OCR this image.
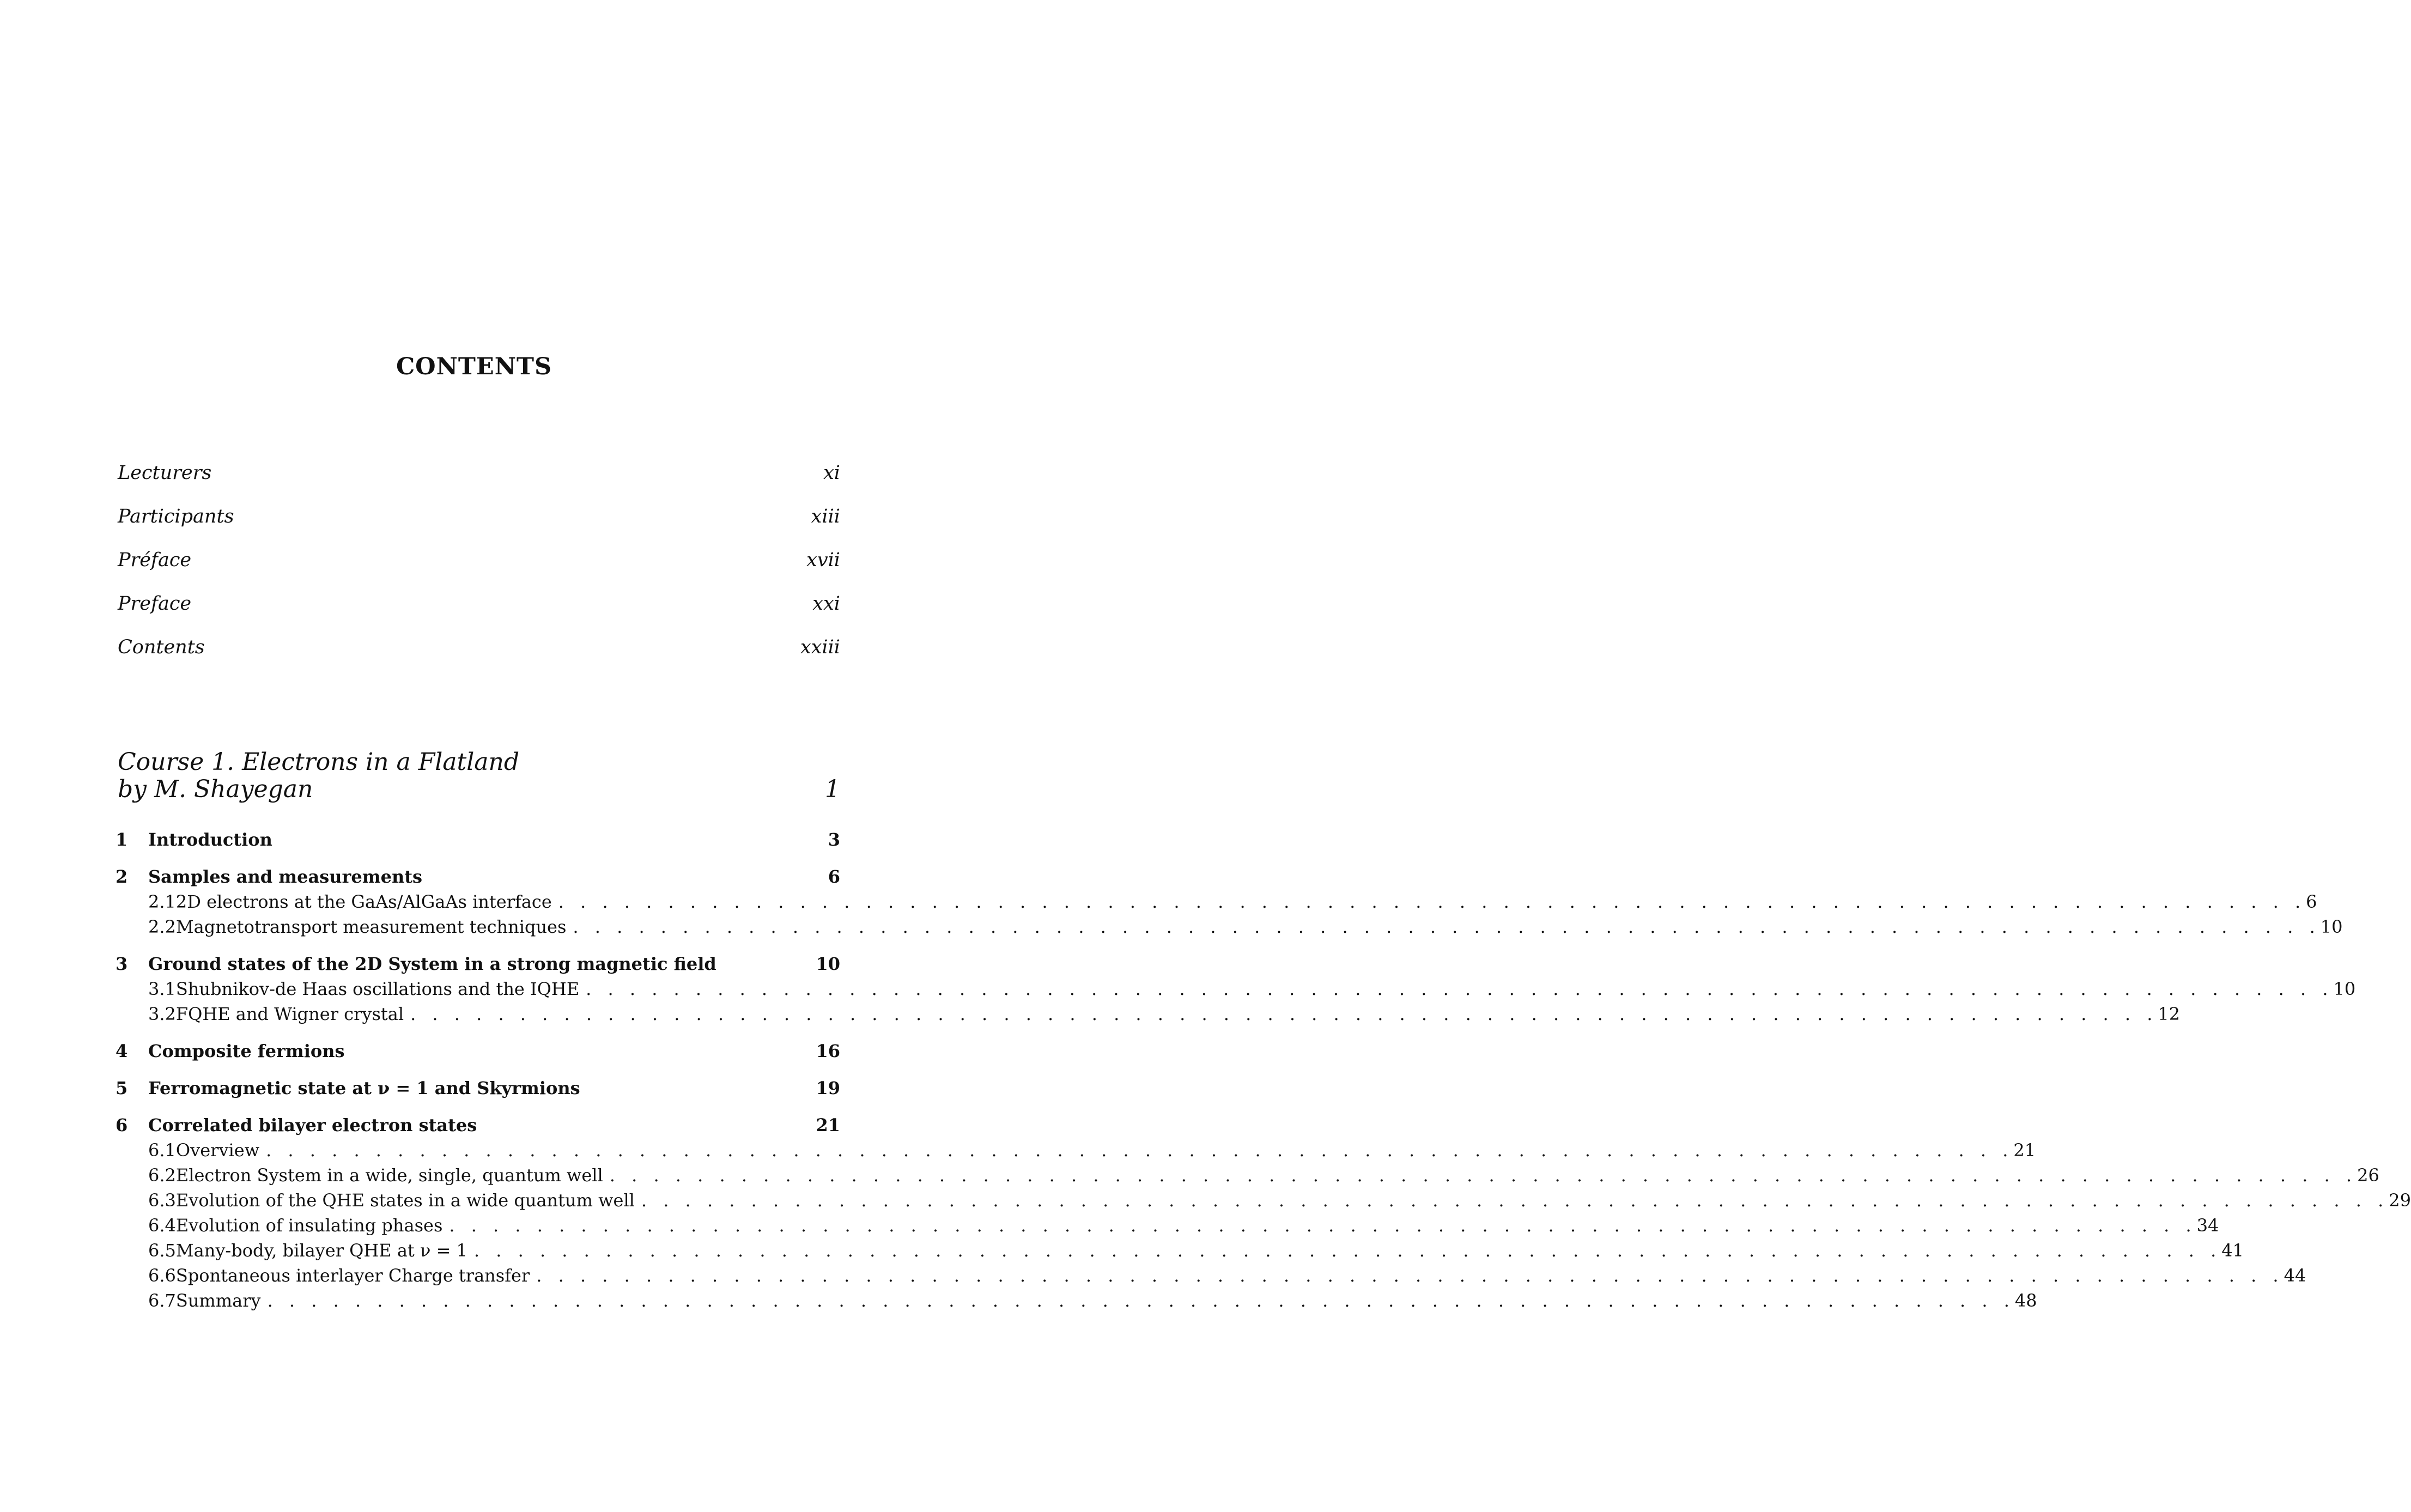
CONTENTS
Lecturers	xi
Participants	xiii
Préface	xvii
Preface	xxi
Contents	xxiii
Course 1. Electrons in a Flatland
by M. Shayegan	1
1	Introduction	3
2	Samples and measurements	6
2.1 2D electrons at the GaAs/AlGaAs interface . . . . . . . . . . . . . . . . . . . . . . . . . . . . . . . . . . . . . . . . . . . . . . . . . . . . . . . . . . . . . . . . . . . . . . . . . . . . . . . . 6
2.2 Magnetotransport measurement techniques . . . . . . . . . . . . . . . . . . . . . . . . . . . . . . . . . . . . . . . . . . . . . . . . . . . . . . . . . . . . . . . . . . . . . . . . . . . . . . . . 10
3	Ground states of the 2D System in a strong magnetic field	10
3.1 Shubnikov-de Haas oscillations and the IQHE . . . . . . . . . . . . . . . . . . . . . . . . . . . . . . . . . . . . . . . . . . . . . . . . . . . . . . . . . . . . . . . . . . . . . . . . . . . . . . . . 10
3.2 FQHE and Wigner crystal . . . . . . . . . . . . . . . . . . . . . . . . . . . . . . . . . . . . . . . . . . . . . . . . . . . . . . . . . . . . . . . . . . . . . . . . . . . . . . . . 12
4	Composite fermions	16
5	Ferromagnetic state at ν = 1 and Skyrmions	19
6	Correlated bilayer electron states	21
6.1 Overview . . . . . . . . . . . . . . . . . . . . . . . . . . . . . . . . . . . . . . . . . . . . . . . . . . . . . . . . . . . . . . . . . . . . . . . . . . . . . . . . 21
6.2 Electron System in a wide, single, quantum well . . . . . . . . . . . . . . . . . . . . . . . . . . . . . . . . . . . . . . . . . . . . . . . . . . . . . . . . . . . . . . . . . . . . . . . . . . . . . . . . 26
6.3 Evolution of the QHE states in a wide quantum well . . . . . . . . . . . . . . . . . . . . . . . . . . . . . . . . . . . . . . . . . . . . . . . . . . . . . . . . . . . . . . . . . . . . . . . . . . . . . . . . 29
6.4 Evolution of insulating phases . . . . . . . . . . . . . . . . . . . . . . . . . . . . . . . . . . . . . . . . . . . . . . . . . . . . . . . . . . . . . . . . . . . . . . . . . . . . . . . . 34
6.5 Many-body, bilayer QHE at ν = 1 . . . . . . . . . . . . . . . . . . . . . . . . . . . . . . . . . . . . . . . . . . . . . . . . . . . . . . . . . . . . . . . . . . . . . . . . . . . . . . . . 41
6.6 Spontaneous interlayer Charge transfer . . . . . . . . . . . . . . . . . . . . . . . . . . . . . . . . . . . . . . . . . . . . . . . . . . . . . . . . . . . . . . . . . . . . . . . . . . . . . . . . 44
6.7 Summary . . . . . . . . . . . . . . . . . . . . . . . . . . . . . . . . . . . . . . . . . . . . . . . . . . . . . . . . . . . . . . . . . . . . . . . . . . . . . . . . 48
